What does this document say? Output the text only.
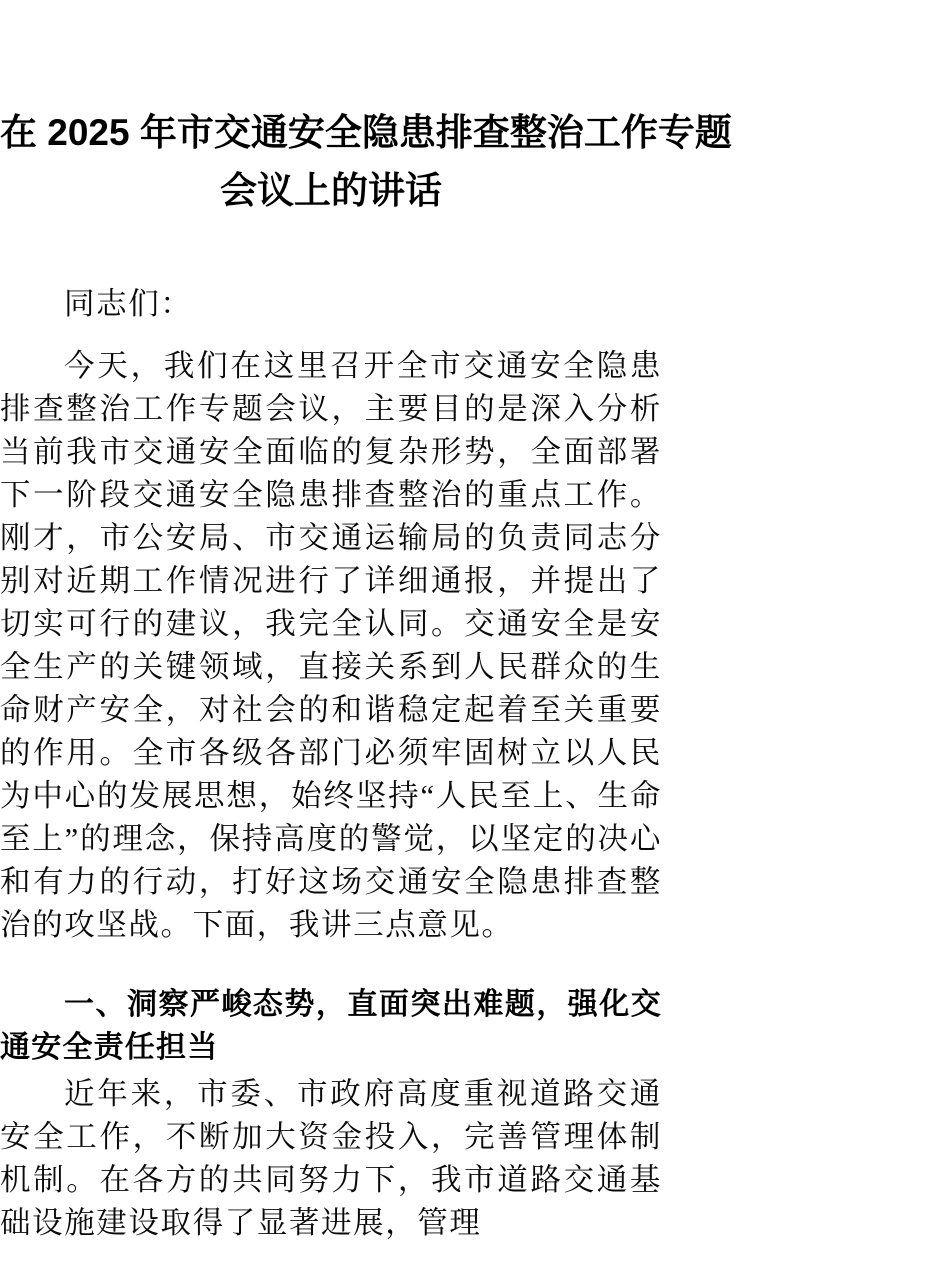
在 2025 年市交通安全隐患排查整治工作专题
会议上的讲话

同志们：

今天，我们在这里召开全市交通安全隐患排查整治工作专题会议，主要目的是深入分析当前我市交通安全面临的复杂形势，全面部署下一阶段交通安全隐患排查整治的重点工作。刚才，市公安局、市交通运输局的负责同志分别对近期工作情况进行了详细通报，并提出了切实可行的建议，我完全认同。交通安全是安全生产的关键领域，直接关系到人民群众的生命财产安全，对社会的和谐稳定起着至关重要的作用。全市各级各部门必须牢固树立以人民为中心的发展思想，始终坚持“人民至上、生命至上”的理念，保持高度的警觉，以坚定的决心和有力的行动，打好这场交通安全隐患排查整治的攻坚战。下面，我讲三点意见。

一、洞察严峻态势，直面突出难题，强化交通安全责任担当

近年来，市委、市政府高度重视道路交通安全工作，不断加大资金投入，完善管理体制机制。在各方的共同努力下，我市道路交通基础设施建设取得了显著进展，管理
